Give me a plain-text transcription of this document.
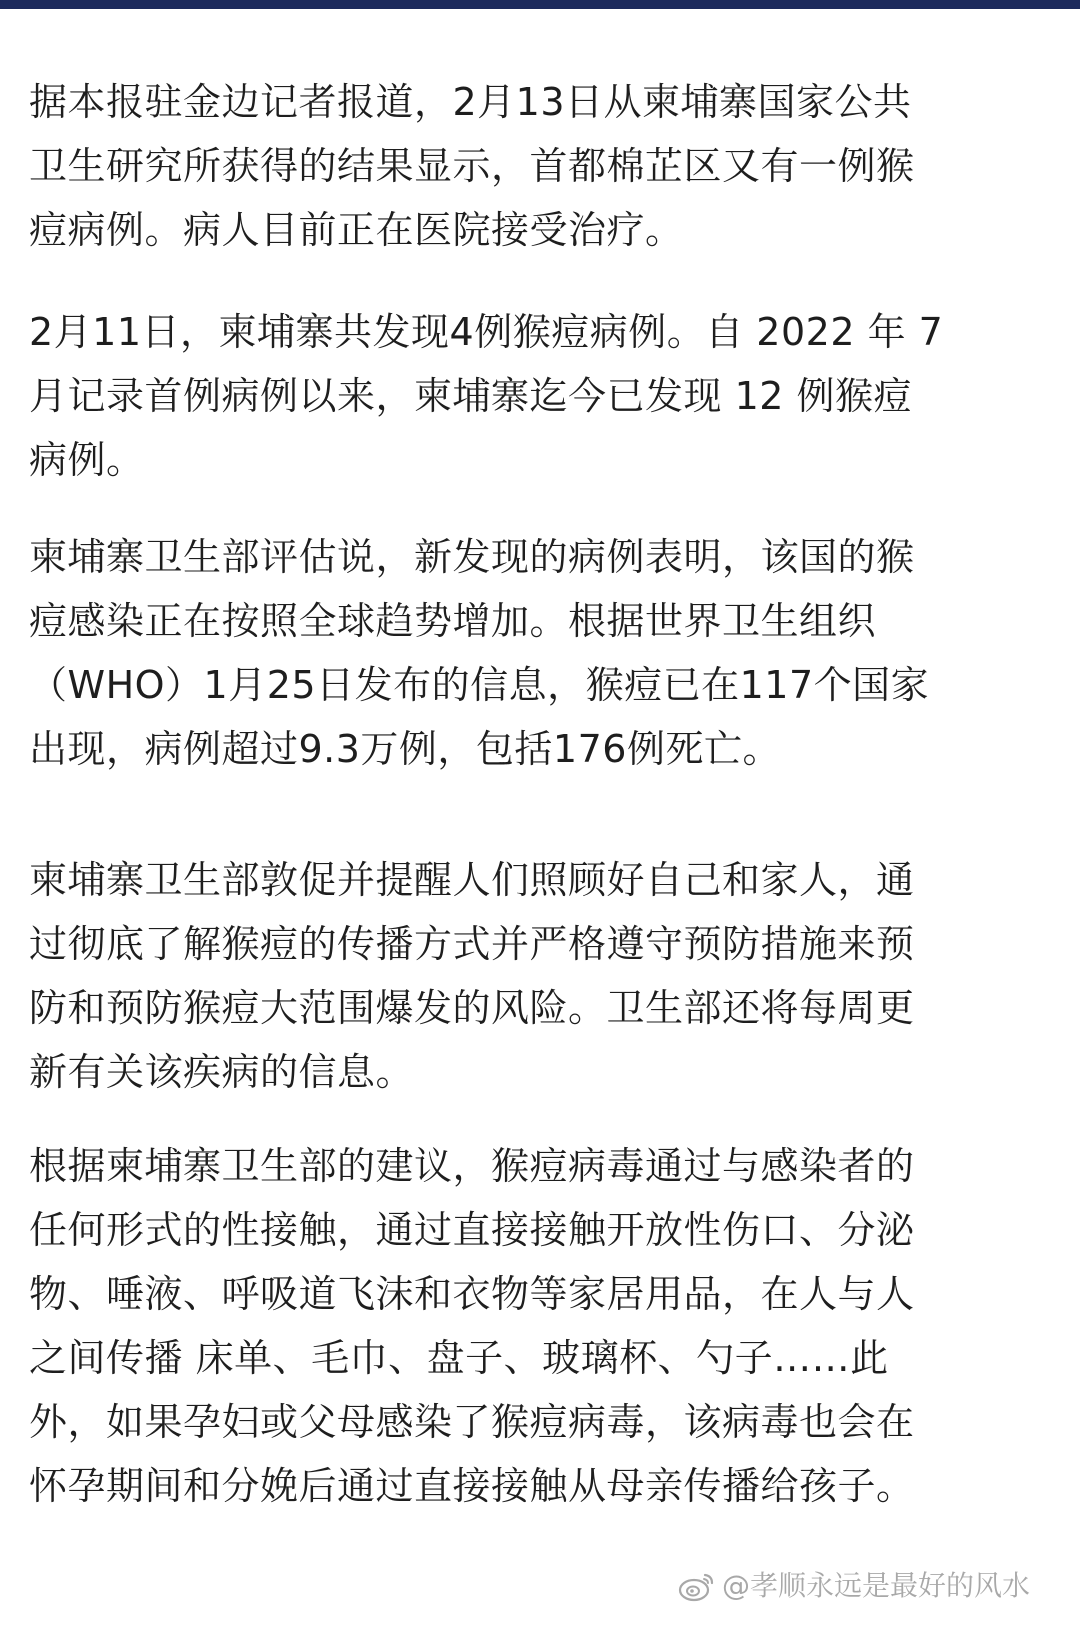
据本报驻金边记者报道，2月13日从柬埔寨国家公共
卫生研究所获得的结果显示，首都棉芷区又有一例猴
痘病例。病人目前正在医院接受治疗。
2月11日，柬埔寨共发现4例猴痘病例。自 2022 年 7
月记录首例病例以来，柬埔寨迄今已发现 12 例猴痘
病例。
柬埔寨卫生部评估说，新发现的病例表明，该国的猴
痘感染正在按照全球趋势增加。根据世界卫生组织
（WHO）1月25日发布的信息，猴痘已在117个国家
出现，病例超过9.3万例，包括176例死亡。
柬埔寨卫生部敦促并提醒人们照顾好自己和家人，通
过彻底了解猴痘的传播方式并严格遵守预防措施来预
防和预防猴痘大范围爆发的风险。卫生部还将每周更
新有关该疾病的信息。
根据柬埔寨卫生部的建议，猴痘病毒通过与感染者的
任何形式的性接触，通过直接接触开放性伤口、分泌
物、唾液、呼吸道飞沫和衣物等家居用品，在人与人
之间传播 床单、毛巾、盘子、玻璃杯、勺子……此
外，如果孕妇或父母感染了猴痘病毒，该病毒也会在
怀孕期间和分娩后通过直接接触从母亲传播给孩子。
@孝顺永远是最好的风水
